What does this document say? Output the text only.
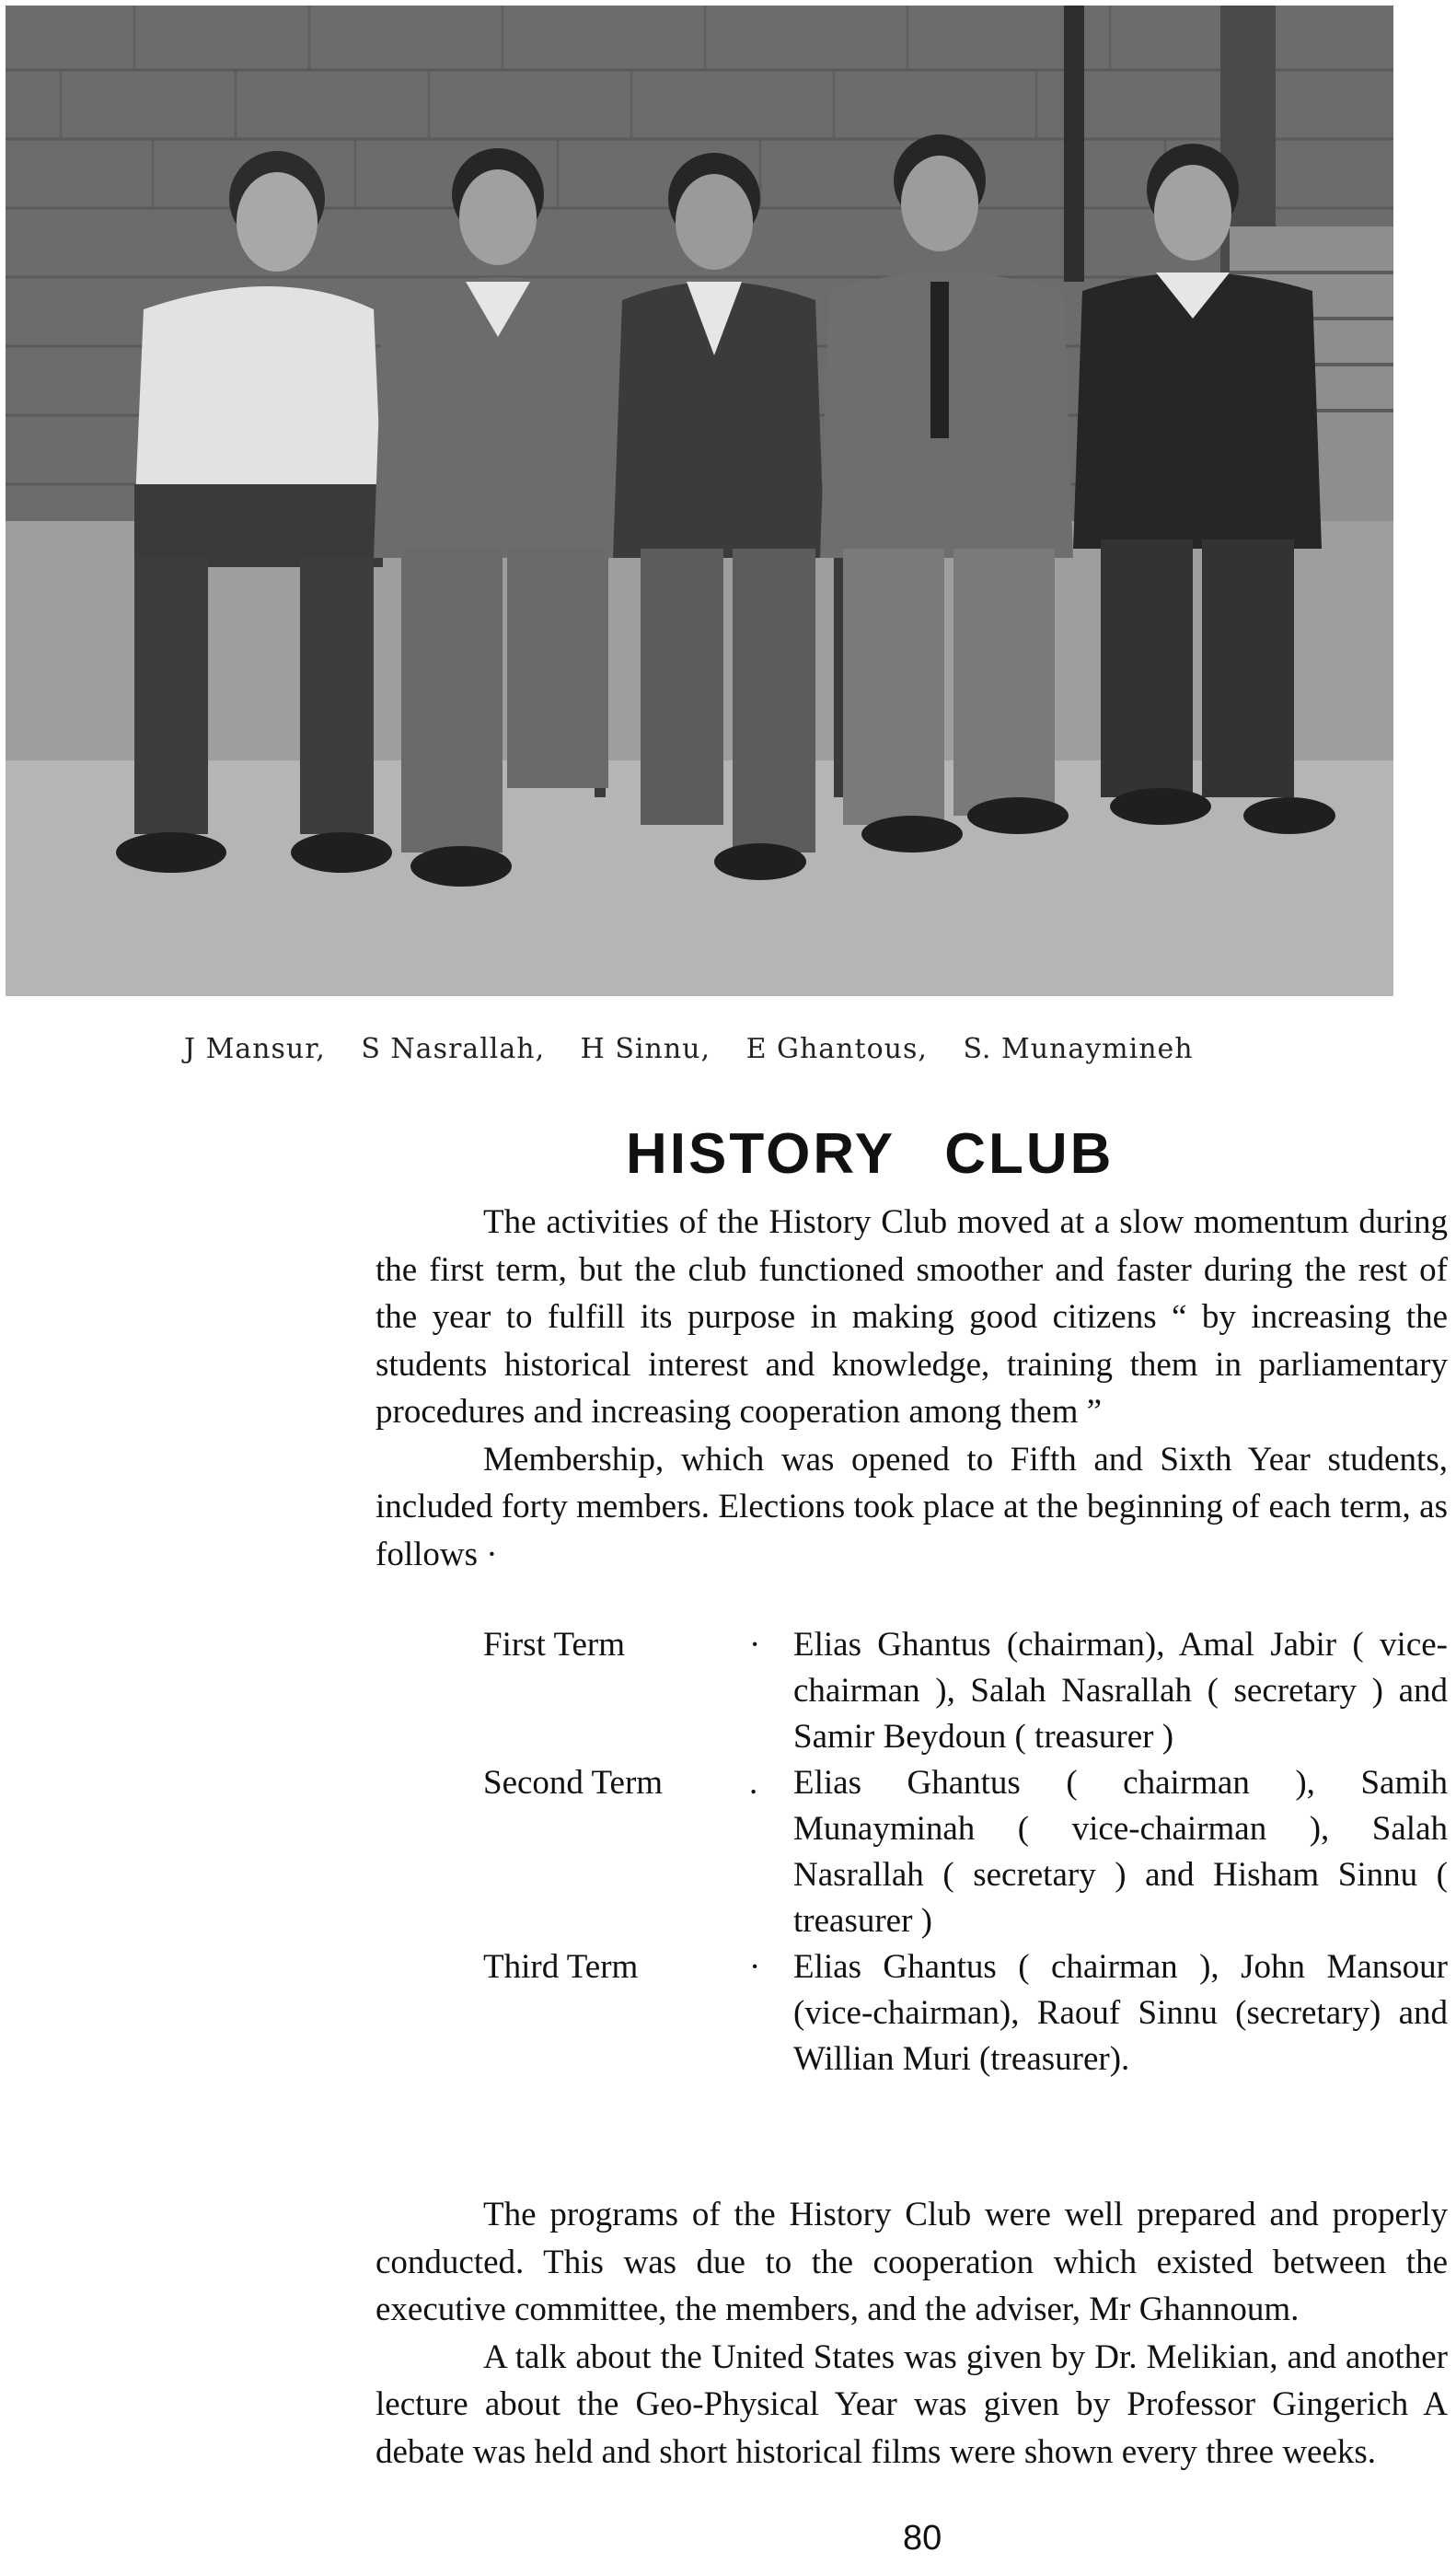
J Mansur, S Nasrallah, H Sinnu, E Ghantous, S. Munaymineh
HISTORY CLUB

The activities of the History Club moved at a slow momentum during the first term, but the club functioned smoother and faster during the rest of the year to fulfill its purpose in making good citizens “ by increasing the students historical interest and knowledge, training them in parliamentary procedures and increasing cooperation among them ”

Membership, which was opened to Fifth and Sixth Year students, included forty members. Elections took place at the beginning of each term, as follows ·

First Term	· Elias Ghantus (chairman), Amal Jabir ( vice-chairman ), Salah Nasrallah ( secretary ) and Samir Beydoun ( treasurer )
Second Term	. Elias Ghantus ( chairman ), Samih Munayminah ( vice-chairman ), Salah Nasrallah ( secretary ) and Hisham Sinnu ( treasurer )
Third Term	· Elias Ghantus ( chairman ), John Mansour (vice-chairman), Raouf Sinnu (secretary) and Willian Muri (treasurer).

The programs of the History Club were well prepared and properly conducted. This was due to the cooperation which existed between the executive committee, the members, and the adviser, Mr Ghannoum.

A talk about the United States was given by Dr. Melikian, and another lecture about the Geo-Physical Year was given by Professor Gingerich A debate was held and short historical films were shown every three weeks.

80
